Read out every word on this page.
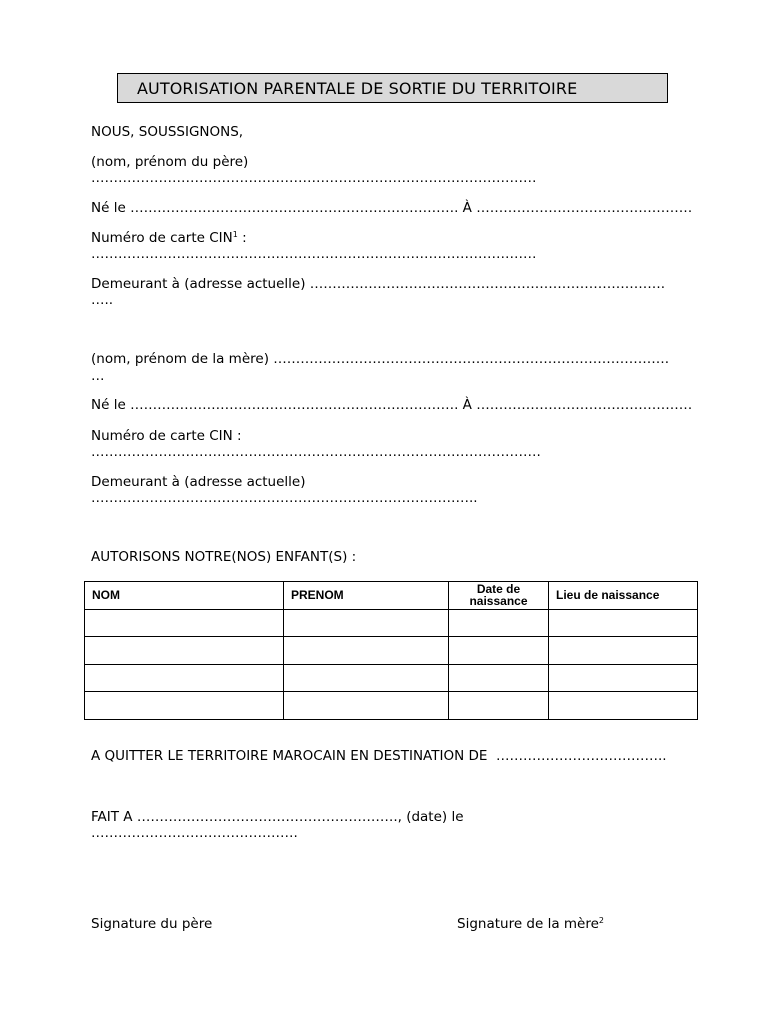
AUTORISATION PARENTALE DE SORTIE DU TERRITOIRE
NOUS, SOUSSIGNONS,
(nom, prénom du père)
………………………………………………………………………………………
Né le ………………………………………………………………. À …………………………………………
Numéro de carte CIN$^1$ :
………………………………………………………………………………………
Demeurant à (adresse actuelle) …………………………………………………………………….
…..
(nom, prénom de la mère) …………………………………………………………………………….
…
Né le ………………………………………………………………. À …………………………………………
Numéro de carte CIN :
……………………………………………………………………………………….
Demeurant à (adresse actuelle)
…………………………………………………………………………..
AUTORISONS NOTRE(NOS) ENFANT(S) :
NOM	PRENOM	Date de naissance	Lieu de naissance

A QUITTER LE TERRITOIRE MAROCAIN EN DESTINATION DE ………………………………..
FAIT A …………………………………………………., (date) le
……………………………………….
Signature du père	Signature de la mère$^2$
